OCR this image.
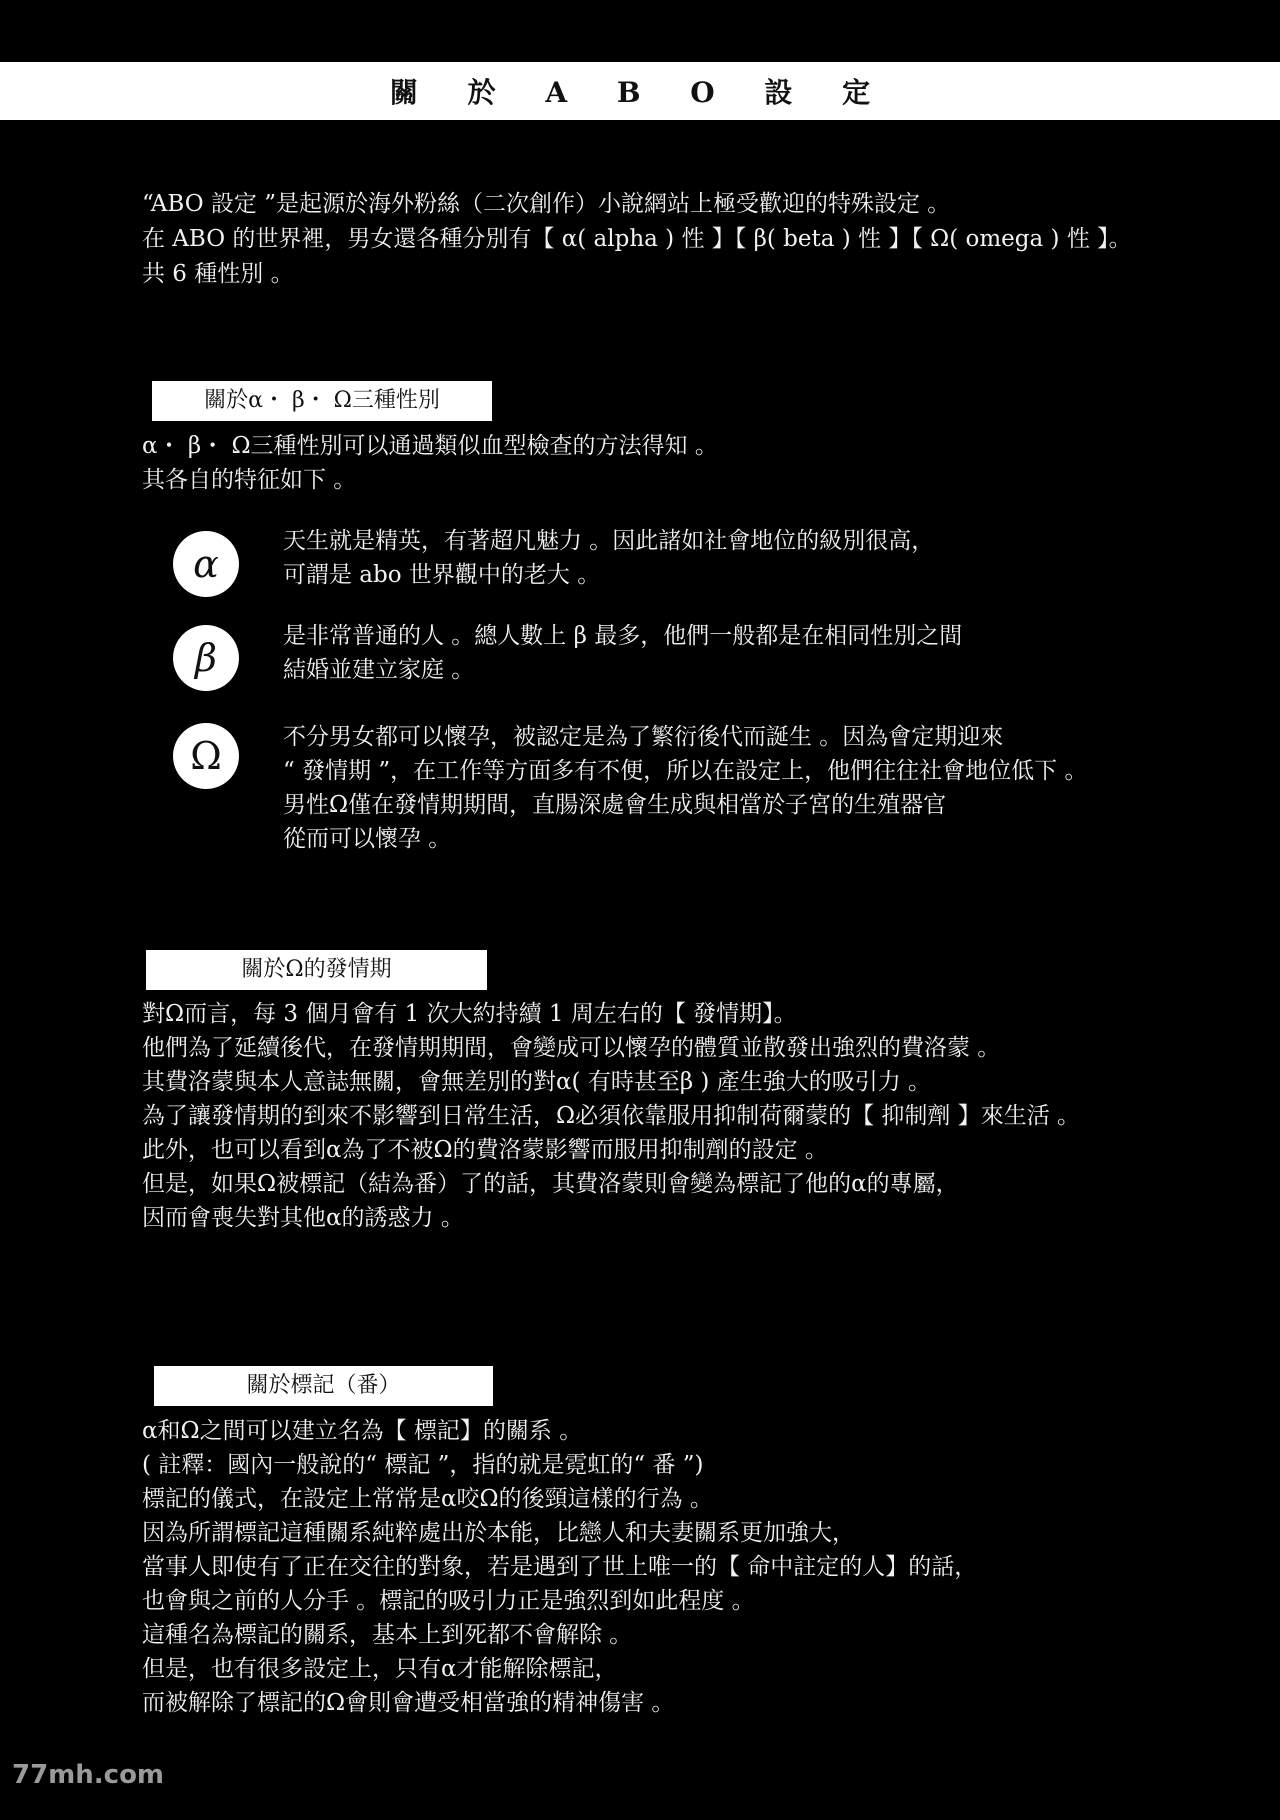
關 於 A B O 設 定
“ABO 設定 ”是起源於海外粉絲（二次創作）小說網站上極受歡迎的特殊設定 。
在 ABO 的世界裡，男女還各種分別有【 α( alpha ) 性 】【 β( beta ) 性 】【 Ω( omega ) 性 】。
共 6 種性別 。
關於α・ β・ Ω三種性別
α・ β・ Ω三種性別可以通過類似血型檢查的方法得知 。
其各自的特征如下 。
α
天生就是精英，有著超凡魅力 。因此諸如社會地位的級別很高，
可謂是 abo 世界觀中的老大 。
β	是非常普通的人 。總人數上 β 最多，他們一般都是在相同性別之間
結婚並建立家庭 。
Ω	不分男女都可以懷孕，被認定是為了繁衍後代而誕生 。因為會定期迎來
“ 發情期 ”，在工作等方面多有不便，所以在設定上，他們往往社會地位低下 。
男性Ω僅在發情期期間，直腸深處會生成與相當於子宮的生殖器官
從而可以懷孕 。
關於Ω的發情期
對Ω而言，每 3 個月會有 1 次大約持續 1 周左右的【 發情期】。
他們為了延續後代，在發情期期間，會變成可以懷孕的體質並散發出強烈的費洛蒙 。
其費洛蒙與本人意誌無關，會無差別的對α( 有時甚至β ) 產生強大的吸引力 。
為了讓發情期的到來不影響到日常生活，Ω必須依靠服用抑制荷爾蒙的【 抑制劑 】來生活 。
此外，也可以看到α為了不被Ω的費洛蒙影響而服用抑制劑的設定 。
但是，如果Ω被標記（結為番）了的話，其費洛蒙則會變為標記了他的α的專屬，
因而會喪失對其他α的誘惑力 。
關於標記（番）
α和Ω之間可以建立名為【 標記】的關系 。
( 註釋：國內一般說的“ 標記 ”，指的就是霓虹的“ 番 ”)
標記的儀式，在設定上常常是α咬Ω的後頸這樣的行為 。
因為所謂標記這種關系純粹處出於本能，比戀人和夫妻關系更加強大，
當事人即使有了正在交往的對象，若是遇到了世上唯一的【 命中註定的人】的話，
也會與之前的人分手 。標記的吸引力正是強烈到如此程度 。
這種名為標記的關系，基本上到死都不會解除 。
但是，也有很多設定上，只有α才能解除標記，
而被解除了標記的Ω會則會遭受相當強的精神傷害 。
77mh.com
